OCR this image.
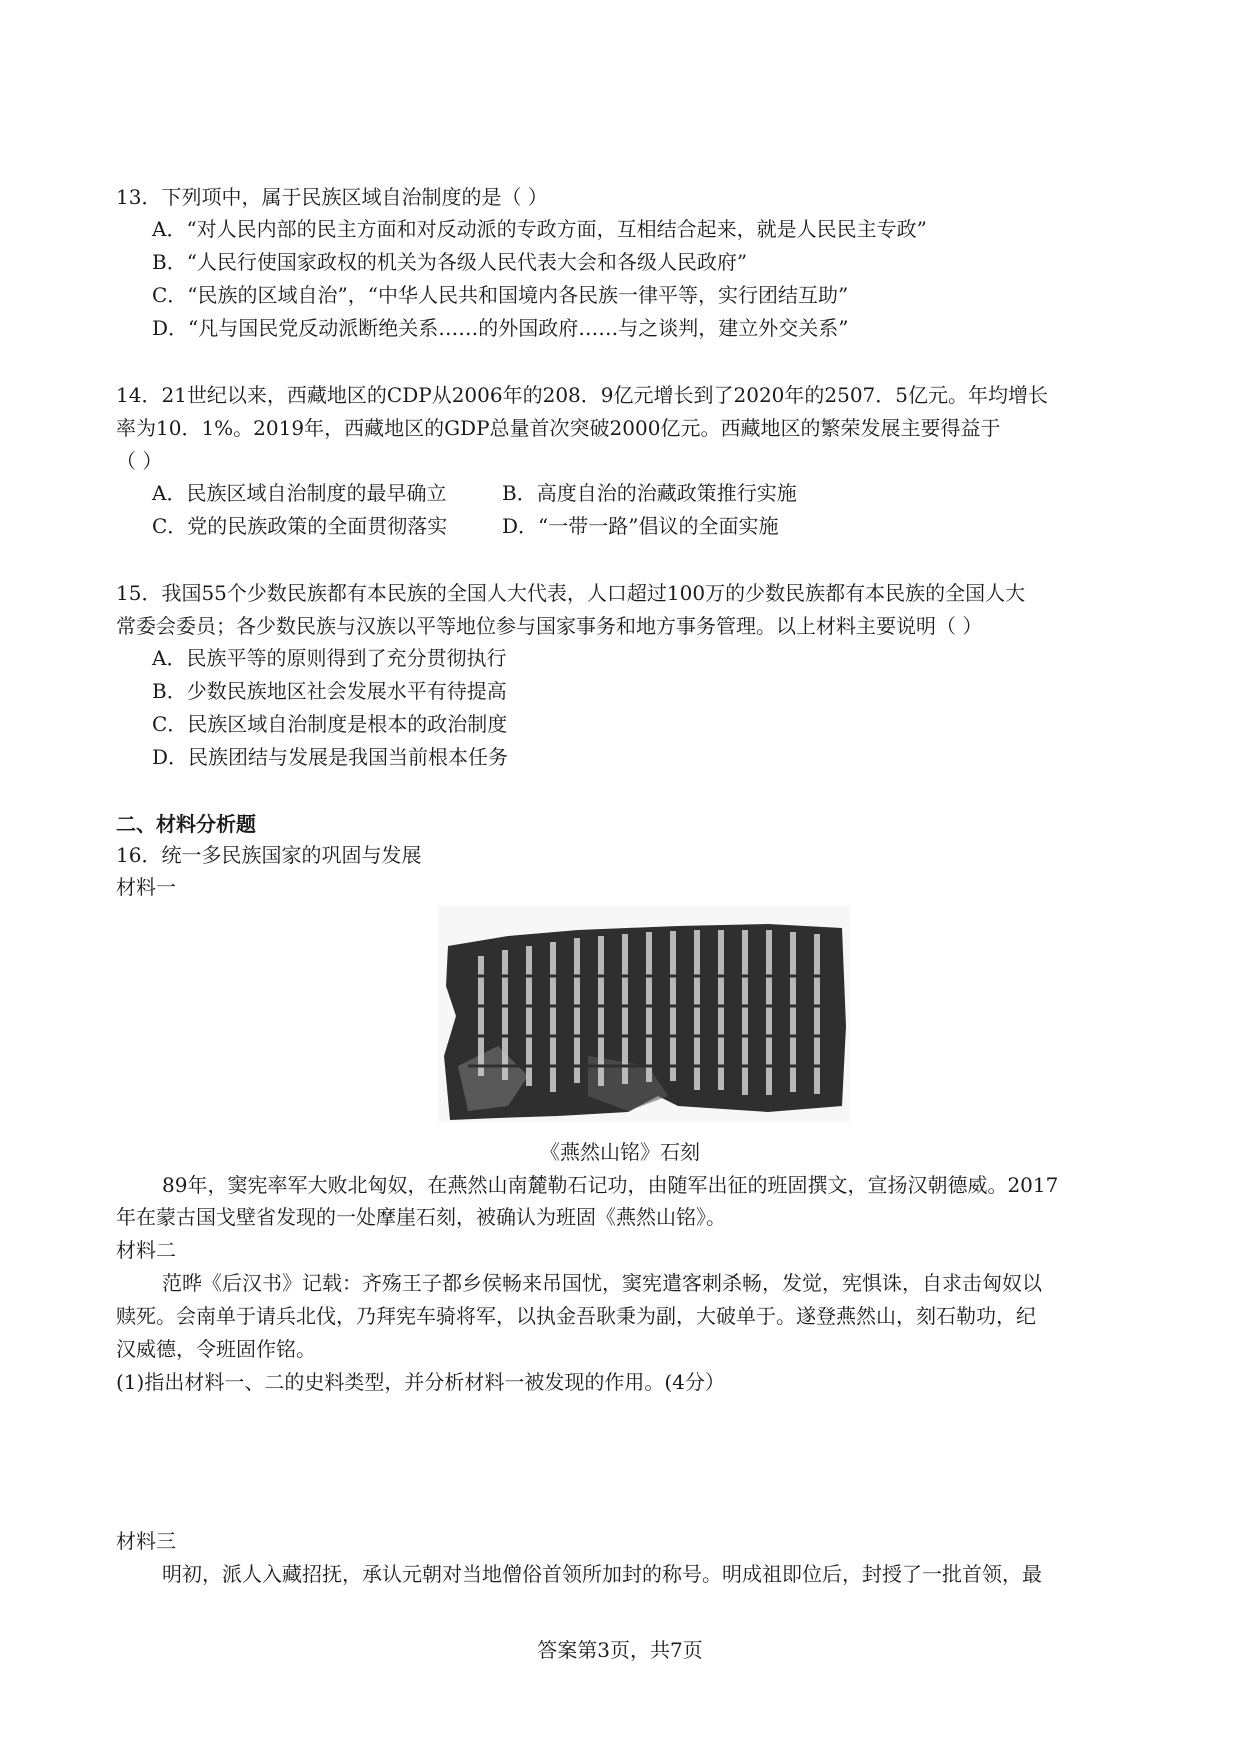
13．下列项中，属于民族区域自治制度的是（ ）
A．“对人民内部的民主方面和对反动派的专政方面，互相结合起来，就是人民民主专政”
B．“人民行使国家政权的机关为各级人民代表大会和各级人民政府”
C．“民族的区域自治”，“中华人民共和国境内各民族一律平等，实行团结互助”
D．“凡与国民党反动派断绝关系……的外国政府……与之谈判，建立外交关系”
14．21世纪以来，西藏地区的CDP从2006年的208．9亿元增长到了2020年的2507．5亿元。年均增长
率为10．1%。2019年，西藏地区的GDP总量首次突破2000亿元。西藏地区的繁荣发展主要得益于
（ ）
A．民族区域自治制度的最早确立	B．高度自治的治藏政策推行实施
C．党的民族政策的全面贯彻落实	D．“一带一路”倡议的全面实施
15．我国55个少数民族都有本民族的全国人大代表，人口超过100万的少数民族都有本民族的全国人大
常委会委员；各少数民族与汉族以平等地位参与国家事务和地方事务管理。以上材料主要说明（ ）
A．民族平等的原则得到了充分贯彻执行
B．少数民族地区社会发展水平有待提高
C．民族区域自治制度是根本的政治制度
D．民族团结与发展是我国当前根本任务
二、材料分析题
16．统一多民族国家的巩固与发展
材料一
《燕然山铭》石刻
89年，窦宪率军大败北匈奴，在燕然山南麓勒石记功，由随军出征的班固撰文，宣扬汉朝德威。2017
年在蒙古国戈壁省发现的一处摩崖石刻，被确认为班固《燕然山铭》。
材料二
范晔《后汉书》记载：齐殇王子都乡侯畅来吊国忧，窦宪遣客刺杀畅，发觉，宪惧诛，自求击匈奴以
赎死。会南单于请兵北伐，乃拜宪车骑将军，以执金吾耿秉为副，大破单于。遂登燕然山，刻石勒功，纪
汉威德，令班固作铭。
(1)指出材料一、二的史料类型，并分析材料一被发现的作用。(4分）
材料三
明初，派人入藏招抚，承认元朝对当地僧俗首领所加封的称号。明成祖即位后，封授了一批首领，最
答案第3页，共7页
